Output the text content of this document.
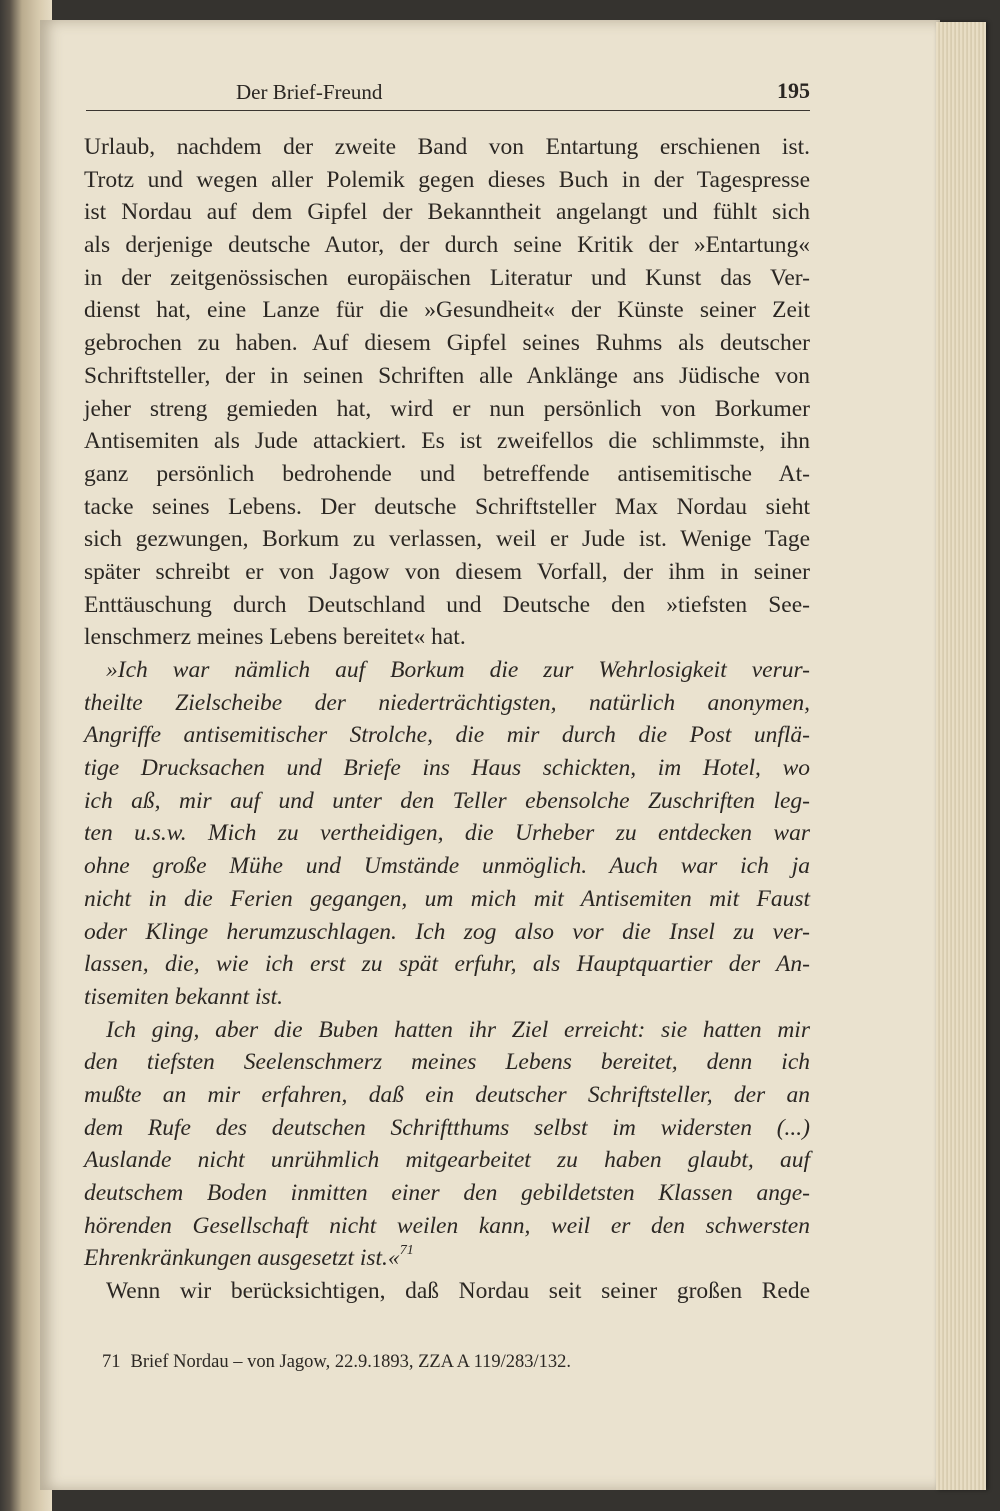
Der Brief-Freund	195
Urlaub, nachdem der zweite Band von Entartung erschienen ist.
Trotz und wegen aller Polemik gegen dieses Buch in der Tagespresse
ist Nordau auf dem Gipfel der Bekanntheit angelangt und fühlt sich
als derjenige deutsche Autor, der durch seine Kritik der »Entartung«
in der zeitgenössischen europäischen Literatur und Kunst das Ver-
dienst hat, eine Lanze für die »Gesundheit« der Künste seiner Zeit
gebrochen zu haben. Auf diesem Gipfel seines Ruhms als deutscher
Schriftsteller, der in seinen Schriften alle Anklänge ans Jüdische von
jeher streng gemieden hat, wird er nun persönlich von Borkumer
Antisemiten als Jude attackiert. Es ist zweifellos die schlimmste, ihn
ganz persönlich bedrohende und betreffende antisemitische At-
tacke seines Lebens. Der deutsche Schriftsteller Max Nordau sieht
sich gezwungen, Borkum zu verlassen, weil er Jude ist. Wenige Tage
später schreibt er von Jagow von diesem Vorfall, der ihm in seiner
Enttäuschung durch Deutschland und Deutsche den »tiefsten See-
lenschmerz meines Lebens bereitet« hat.
»Ich war nämlich auf Borkum die zur Wehrlosigkeit verur-
theilte Zielscheibe der niederträchtigsten, natürlich anonymen,
Angriffe antisemitischer Strolche, die mir durch die Post unflä-
tige Drucksachen und Briefe ins Haus schickten, im Hotel, wo
ich aß, mir auf und unter den Teller ebensolche Zuschriften leg-
ten u.s.w. Mich zu vertheidigen, die Urheber zu entdecken war
ohne große Mühe und Umstände unmöglich. Auch war ich ja
nicht in die Ferien gegangen, um mich mit Antisemiten mit Faust
oder Klinge herumzuschlagen. Ich zog also vor die Insel zu ver-
lassen, die, wie ich erst zu spät erfuhr, als Hauptquartier der An-
tisemiten bekannt ist.
Ich ging, aber die Buben hatten ihr Ziel erreicht: sie hatten mir
den tiefsten Seelenschmerz meines Lebens bereitet, denn ich
mußte an mir erfahren, daß ein deutscher Schriftsteller, der an
dem Rufe des deutschen Schriftthums selbst im widersten (...)
Auslande nicht unrühmlich mitgearbeitet zu haben glaubt, auf
deutschem Boden inmitten einer den gebildetsten Klassen ange-
hörenden Gesellschaft nicht weilen kann, weil er den schwersten
Ehrenkränkungen ausgesetzt ist.«$^{71}$
Wenn wir berücksichtigen, daß Nordau seit seiner großen Rede
71 Brief Nordau – von Jagow, 22.9.1893, ZZA A 119/283/132.
